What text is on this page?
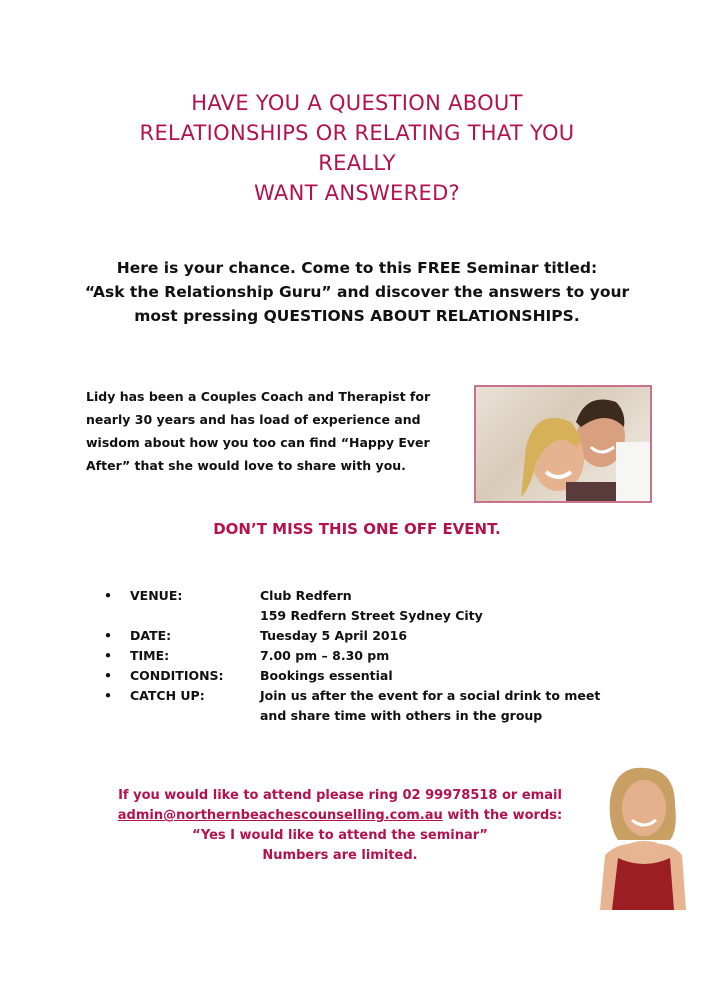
HAVE YOU A QUESTION ABOUT
RELATIONSHIPS OR RELATING THAT YOU
REALLY
WANT ANSWERED?
Here is your chance. Come to this FREE Seminar titled:
“Ask the Relationship Guru” and discover the answers to your
most pressing QUESTIONS ABOUT RELATIONSHIPS.
Lidy has been a Couples Coach and Therapist for
nearly 30 years and has load of experience and
wisdom about how you too can find “Happy Ever
After” that she would love to share with you.
DON’T MISS THIS ONE OFF EVENT.
•	VENUE:	Club Redfern
159 Redfern Street Sydney City
•	DATE:	Tuesday 5 April 2016
•	TIME:	7.00 pm – 8.30 pm
•	CONDITIONS:	Bookings essential
•	CATCH UP:	Join us after the event for a social drink to meet
and share time with others in the group
If you would like to attend please ring 02 99978518 or email
admin@northernbeachescounselling.com.au with the words:
“Yes I would like to attend the seminar”
Numbers are limited.
